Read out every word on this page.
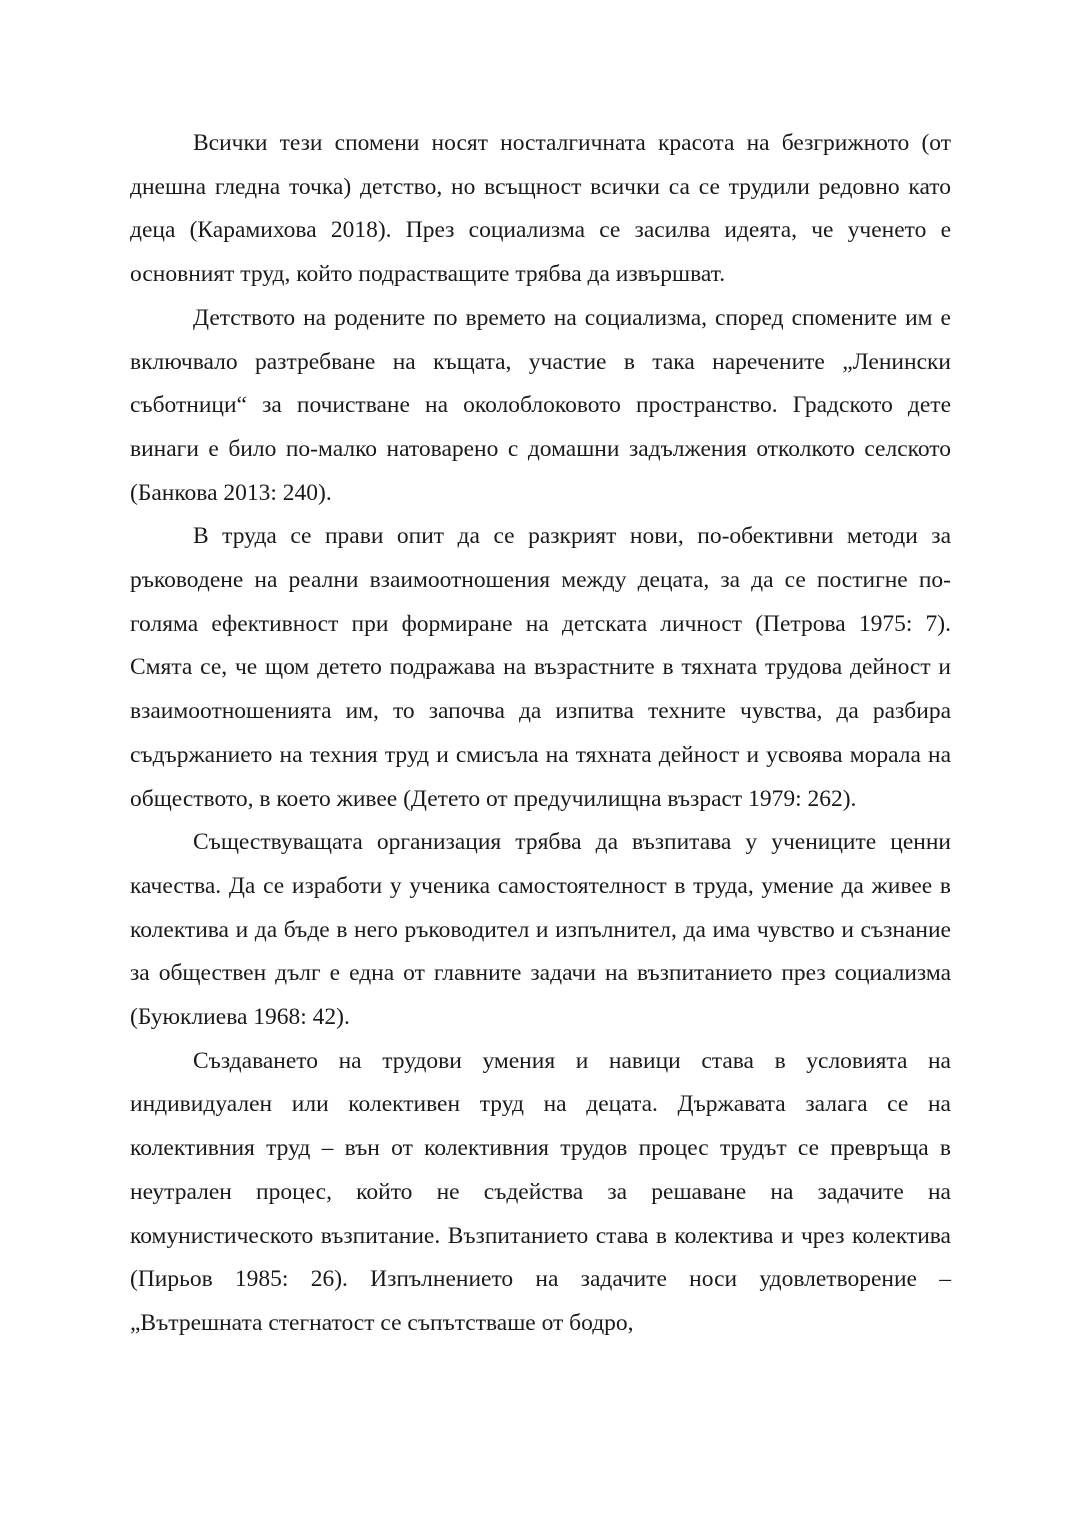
Всички тези спомени носят носталгичната красота на безгрижното (от днешна гледна точка) детство, но всъщност всички са се трудили редовно като деца (Карамихова 2018). През социализма се засилва идеята, че ученето е основният труд, който подрастващите трябва да извършват.

Детството на родените по времето на социализма, според спомените им е включвало разтребване на къщата, участие в така наречените „Ленински съботници“ за почистване на околоблоковото пространство. Градското дете винаги е било по-малко натоварено с домашни задължения отколкото селското (Банкова 2013: 240).

В труда се прави опит да се разкрият нови, по-обективни методи за ръководене на реални взаимоотношения между децата, за да се постигне по-голяма ефективност при формиране на детската личност (Петрова 1975: 7). Смята се, че щом детето подражава на възрастните в тяхната трудова дейност и взаимоотношенията им, то започва да изпитва техните чувства, да разбира съдържанието на техния труд и смисъла на тяхната дейност и усвоява морала на обществото, в което живее (Детето от предучилищна възраст 1979: 262).

Съществуващата организация трябва да възпитава у учениците ценни качества. Да се изработи у ученика самостоятелност в труда, умение да живее в колектива и да бъде в него ръководител и изпълнител, да има чувство и съзнание за обществен дълг е една от главните задачи на възпитанието през социализма (Буюклиева 1968: 42).

Създаването на трудови умения и навици става в условията на индивидуален или колективен труд на децата. Държавата залага се на колективния труд – вън от колективния трудов процес трудът се превръща в неутрален процес, който не съдейства за решаване на задачите на комунистическото възпитание. Възпитанието става в колектива и чрез колектива (Пирьов 1985: 26). Изпълнението на задачите носи удовлетворение – „Вътрешната стегнатост се съпътстваше от бодро,
